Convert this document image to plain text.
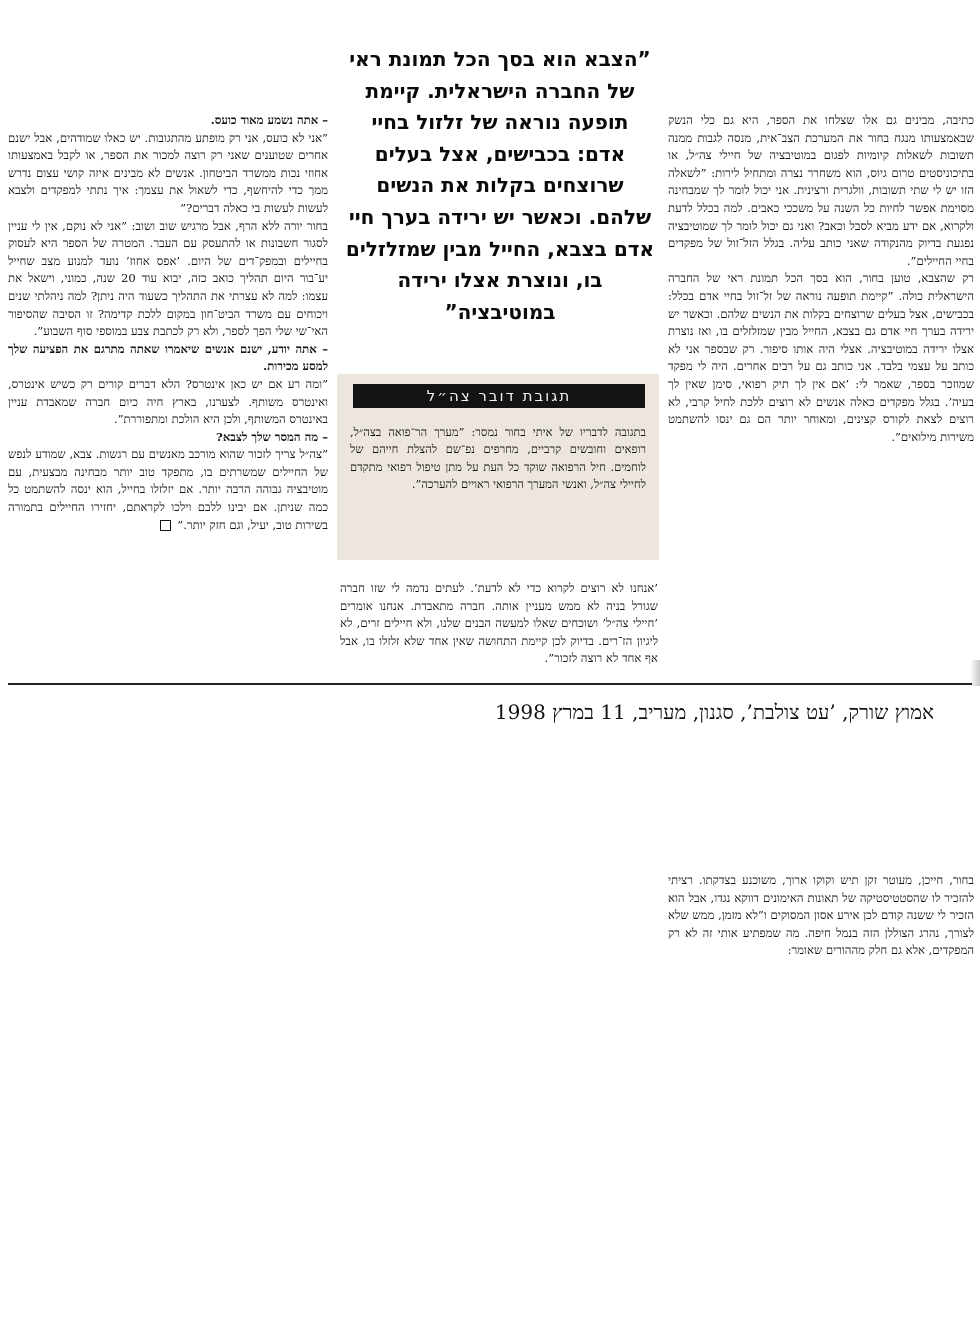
”הצבא הוא בסך הכל תמונת ראי של החברה הישראלית. קיימת תופעה נוראה של זלזול בחיי אדם: בכבישים, אצל בעלים שרוצחים בקלות את הנשים שלהם. וכאשר יש ירידה בערך חיי אדם בצבא, החייל מבין שמזלזלים בו, ונוצרת אצלו ירידה במוטיבציה”
תגובת דובר צה״ל
בתגובה לדבריו של איתי בחור נמסר: ”מערך הר־פואה בצה״ל, רופאים וחובשים קרביים, מחרפים נפ־שם להצלת חייהם של לוחמים. חיל הרפואה שוקד כל העת על מתן טיפול רפואי מתקדם לחיילי צה״ל, ואנשי המערך הרפואי ראויים להערכה”.

כתיבה, מבינים גם אלו שצלחו את הספר, היא גם כלי הנשק שבאמצעותו מנגח בחור את המערכת הצב־אית, מנסה לגבות ממנה תשובות לשאלות קיומיות לפגום במוטיבציה של חיילי צה״ל, או בתיכוניסטים טרום גיוס, הוא משחרר נצרה ומתחיל לירות: ”לשאלה הזו יש לי שתי תשובות, וולגרית ורצינית. אני יכול לומר לך שמבחינה מסוימת אפשר לחיות כל השנה על משככי כאבים. למה בכלל לדעת ולקרוא, אם ידע מביא לסבל וכאב? ואני גם יכול לומר לך שמוטיבציה נפגעת בדיוק מהנקודה שאני כותב עליה. בגלל הזל־זול של מפקדים בחיי החיילים”.

רק שהצבא, טוען בחור, הוא בסך הכל תמונת ראי של החברה הישראלית כולה. ”קיימת תופעה נוראה של זל־זול בחיי אדם בכלל: בכבישים, אצל בעלים שרוצחים בקלות את הנשים שלהם. וכאשר יש ירידה בערך חיי אדם גם בצבא, החייל מבין שמזלזלים בו, ואז נוצרת אצלו ירידה במוטיבציה. אצלי היה אותו סיפור. רק שבספר אני לא כותב על עצמי בלבד. אני כותב גם על רבים אחרים. היה לי מפקד שמוזכר בספר, שאמר לי: ’אם אין לך תיק רפואי, סימן שאין לך בעיה’. בגלל מפקדים כאלה אנשים לא רוצים ללכת לחיל קרבי, לא רוצים לצאת לקורס קצינים, ומאוחר יותר הם גם ינסו להשתמט משירות מילואים”.

בחור, חייכן, מעוטר זקן תיש וקוקו ארוך, משוכנע בצדקתו. רציתי להזכיר לו שהסטטיסטיקה של תאונות האימונים דווקא נגדו, אבל הוא הזכיר לי ששנה קודם לכן אירע אסון המסוקים ו”לא מזמן, ממש שלא לצורך, נהרג הצוללן הזה בנמל חיפה. מה שמפתיע אותי זה לא רק המפקדים, אלא גם חלק מההורים שאומר:

’אנחנו לא רוצים לקרוא כדי לא לדעת’. לעתים נדמה לי שזו חברה שגורל בניה לא ממש מעניין אותה. חברה מתאבדת. אנחנו אומרים ’חיילי צה״ל’ ושוכחים שאלו למעשה הבנים שלנו, ולא חיילים זרים, לא ליגיון הז־רים. בדיוק לכן קיימת התחושה שאין אחד שלא זלזלו בו, אבל אף אחד לא רוצה לזכור”.

– אתה נשמע מאוד כועס.

”אני לא כועס, אני רק מופתע מהתגובות. יש כאלו שמודהים, אבל ישנם אחרים שטוענים שאני רק רוצה למכור את הספר, או לקבל באמצעותו אחוזי נכות ממשרד הביטחון. אנשים לא מבינים איזה קושי עצום נדרש ממך כדי להיחשף, כדי לשאול את עצמך: איך נתתי למפקדים ולצבא לעשות לעשות בי כאלה דברים?”

בחור יורה ללא הרף, אבל מרגיש שוב ושוב: ”אני לא נוקם, אין לי עניין לסגור חשבונות או להתעסק עם העבר. המטרה של הספר היא לעסוק בחיילים ובמפק־דים של היום. ’אפס אחוז’ נועד למנוע מצב שחייל יע־בור היום תהליך כואב כזה, יבוא עוד 20 שנה, כמוני, וישאל את עצמו: למה לא עצרתי את התהליך כשעוד היה ניתן? למה ניהלתי שנים ויכוחים עם משרד הביט־חון במקום ללכת קדימה? זו הסיבה שהסיפור האי־שי שלי הפך לספר, ולא רק לכתבת צבע במוספי סוף השבוע”.

– אתה יודע, ישנם אנשים שיאמרו שאתה מתרגם את הפציעה שלך למסע מכירות.

”ומה רע אם יש כאן אינטרס? הלא דברים קורים רק כשיש אינטרס, ואינטרס משותף. לצערנו, בארץ חיה כיום חברה שמאבדת עניין באינטרס המשותף, ולכן היא הולכת ומתפוררת”.

– מה המסר שלך לצבא?

”צה״ל צריך לזכור שהוא מורכב מאנשים עם רגשות. צבא, שמודע לנפש של החיילים שמשרתים בו, מתפקד טוב יותר מבחינה מבצעית, עם מוטיבציה גבוהה הרבה יותר. אם יזלזלו בחייל, הוא ינסה להשתמט כל כמה שניתן. אם יבינו ללבם וילכו לקראתם, יחזירו החיילים בתמורה בשירות טוב, יעיל, וגם חזק יותר.”

אמוץ שורק, ’עט צולבת’, סגנון, מעריב, 11 במרץ 1998
